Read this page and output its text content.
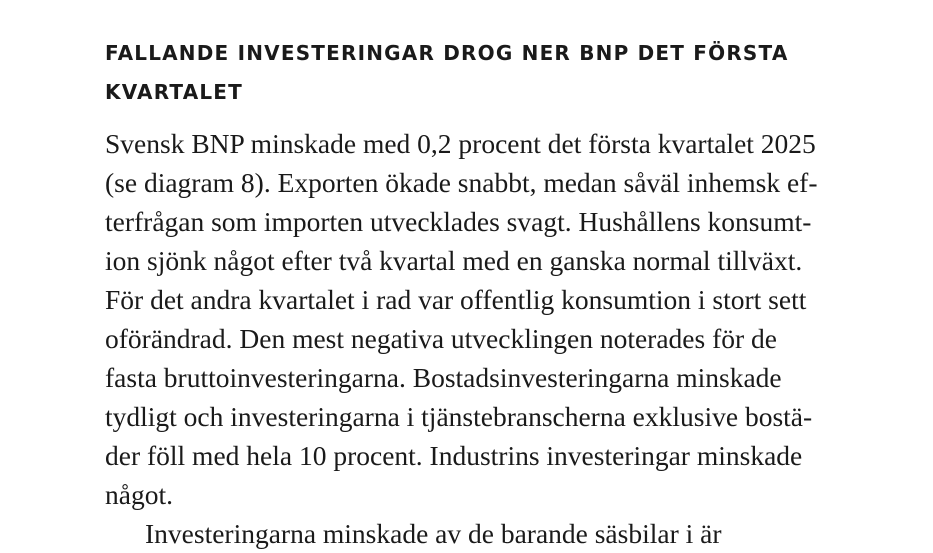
FALLANDE INVESTERINGAR DROG NER BNP DET FÖRSTA
KVARTALET
Svensk BNP minskade med 0,2 procent det första kvartalet 2025
(se diagram 8). Exporten ökade snabbt, medan såväl inhemsk ef-
terfrågan som importen utvecklades svagt. Hushållens konsumt-
ion sjönk något efter två kvartal med en ganska normal tillväxt.
För det andra kvartalet i rad var offentlig konsumtion i stort sett
oförändrad. Den mest negativa utvecklingen noterades för de
fasta bruttoinvesteringarna. Bostadsinvesteringarna minskade
tydligt och investeringarna i tjänstebranscherna exklusive bostä-
der föll med hela 10 procent. Industrins investeringar minskade
något.
Investeringarna minskade av de barande säsbilar i är
